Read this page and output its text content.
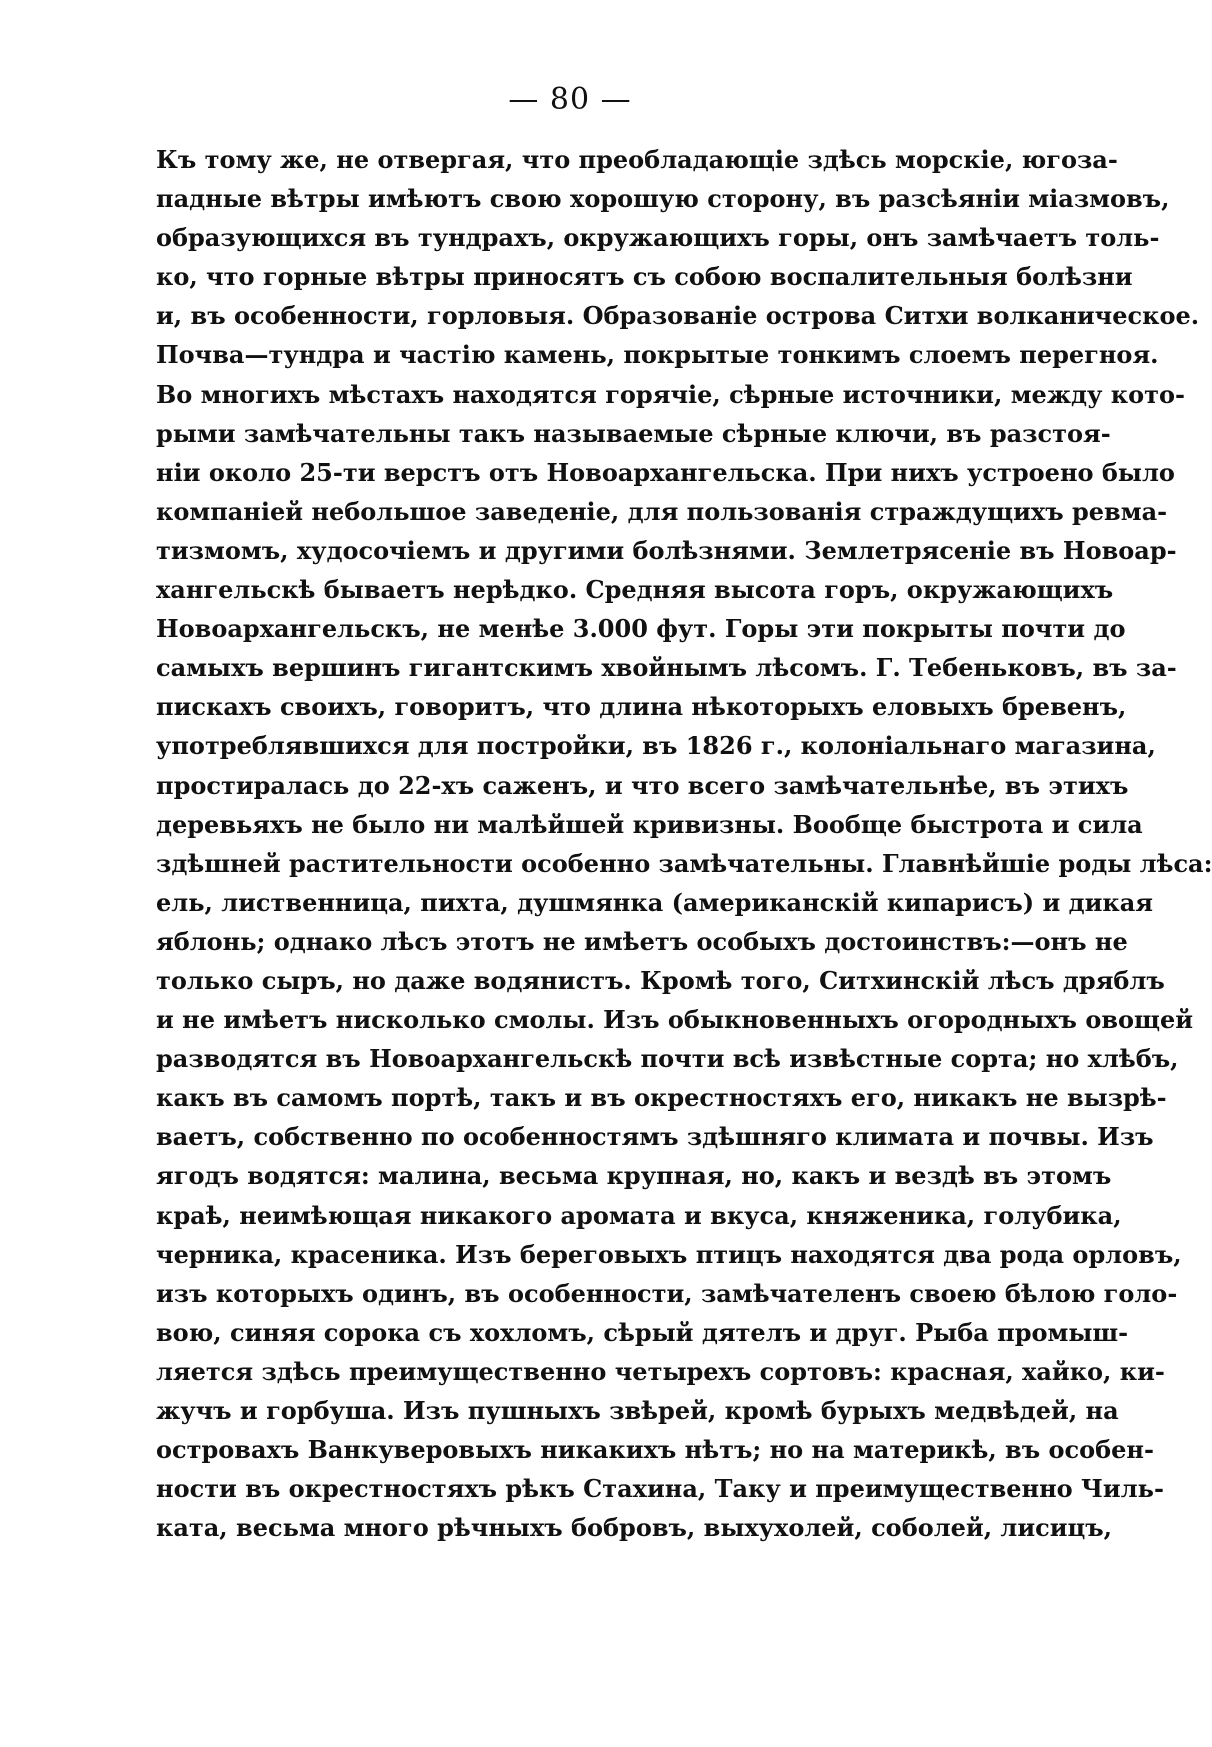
— 80 —
Къ тому же, не отвергая, что преобладающіе здѣсь морскіе, югоза-
падные вѣтры имѣютъ свою хорошую сторону, въ разсѣяніи міазмовъ,
образующихся въ тундрахъ, окружающихъ горы, онъ замѣчаетъ толь-
ко, что горные вѣтры приносятъ съ собою воспалительныя болѣзни
и, въ особенности, горловыя. Образованіе острова Ситхи волканическое.
Почва—тундра и частію камень, покрытые тонкимъ слоемъ перегноя.
Во многихъ мѣстахъ находятся горячіе, сѣрные источники, между кото-
рыми замѣчательны такъ называемые сѣрные ключи, въ разстоя-
ніи около 25-ти верстъ отъ Новоархангельска. При нихъ устроено было
компаніей небольшое заведеніе, для пользованія страждущихъ ревма-
тизмомъ, худосочіемъ и другими болѣзнями. Землетрясеніе въ Новоар-
хангельскѣ бываетъ нерѣдко. Средняя высота горъ, окружающихъ
Новоархангельскъ, не менѣе 3.000 фут. Горы эти покрыты почти до
самыхъ вершинъ гигантскимъ хвойнымъ лѣсомъ. Г. Тебеньковъ, въ за-
пискахъ своихъ, говоритъ, что длина нѣкоторыхъ еловыхъ бревенъ,
употреблявшихся для постройки, въ 1826 г., колоніальнаго магазина,
простиралась до 22-хъ саженъ, и что всего замѣчательнѣе, въ этихъ
деревьяхъ не было ни малѣйшей кривизны. Вообще быстрота и сила
здѣшней растительности особенно замѣчательны. Главнѣйшіе роды лѣса:
ель, лиственница, пихта, душмянка (американскій кипарисъ) и дикая
яблонь; однако лѣсъ этотъ не имѣетъ особыхъ достоинствъ:—онъ не
только сыръ, но даже водянистъ. Кромѣ того, Ситхинскій лѣсъ дряблъ
и не имѣетъ нисколько смолы. Изъ обыкновенныхъ огородныхъ овощей
разводятся въ Новоархангельскѣ почти всѣ извѣстные сорта; но хлѣбъ,
какъ въ самомъ портѣ, такъ и въ окрестностяхъ его, никакъ не вызрѣ-
ваетъ, собственно по особенностямъ здѣшняго климата и почвы. Изъ
ягодъ водятся: малина, весьма крупная, но, какъ и вездѣ въ этомъ
краѣ, неимѣющая никакого аромата и вкуса, княженика, голубика,
черника, красеника. Изъ береговыхъ птицъ находятся два рода орловъ,
изъ которыхъ одинъ, въ особенности, замѣчателенъ своею бѣлою голо-
вою, синяя сорока съ хохломъ, сѣрый дятелъ и друг. Рыба промыш-
ляется здѣсь преимущественно четырехъ сортовъ: красная, хайко, ки-
жучъ и горбуша. Изъ пушныхъ звѣрей, кромѣ бурыхъ медвѣдей, на
островахъ Ванкуверовыхъ никакихъ нѣтъ; но на материкѣ, въ особен-
ности въ окрестностяхъ рѣкъ Стахина, Таку и преимущественно Чиль-
ката, весьма много рѣчныхъ бобровъ, выхухолей, соболей, лисицъ,
